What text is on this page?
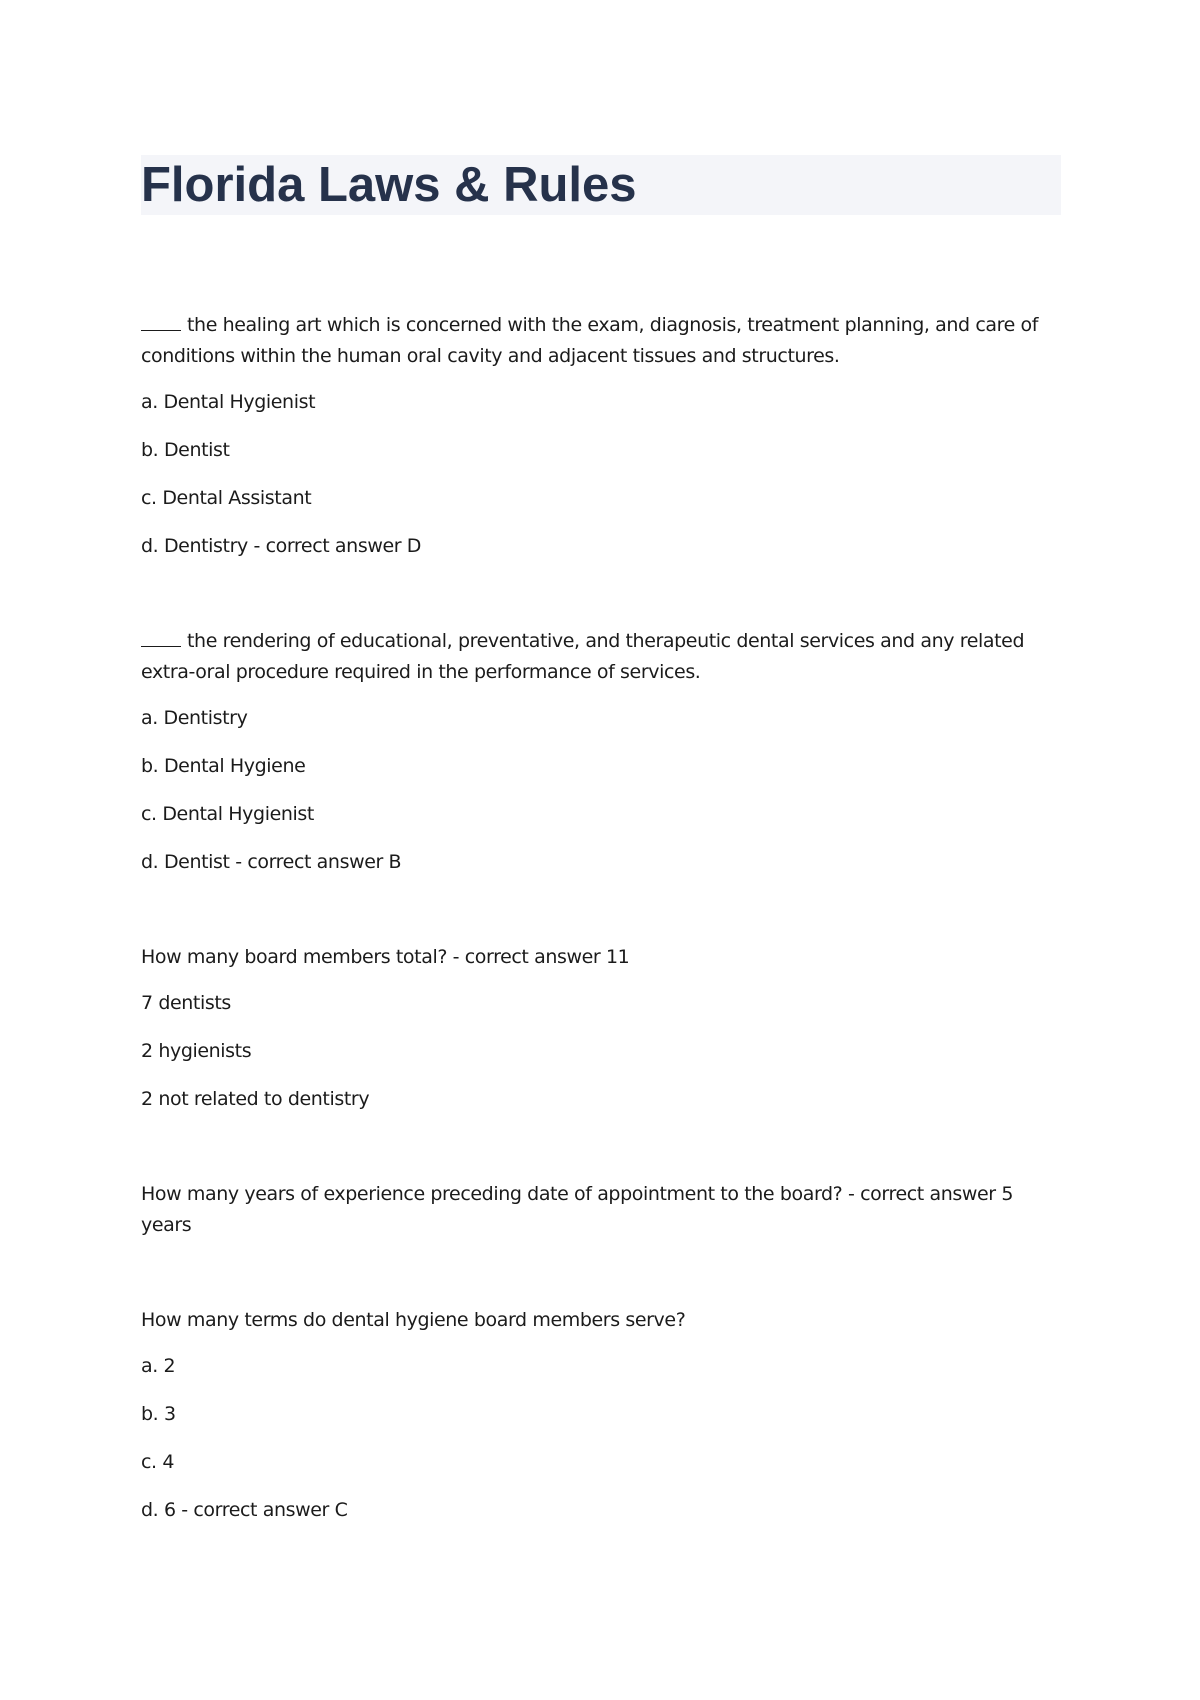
Florida Laws & Rules

the healing art which is concerned with the exam, diagnosis, treatment planning, and care of conditions within the human oral cavity and adjacent tissues and structures.

a. Dental Hygienist

b. Dentist

c. Dental Assistant

d. Dentistry - correct answer D

the rendering of educational, preventative, and therapeutic dental services and any related extra-oral procedure required in the performance of services.

a. Dentistry

b. Dental Hygiene

c. Dental Hygienist

d. Dentist - correct answer B

How many board members total? - correct answer 11

7 dentists

2 hygienists

2 not related to dentistry

How many years of experience preceding date of appointment to the board? - correct answer 5 years

How many terms do dental hygiene board members serve?

a. 2

b. 3

c. 4

d. 6 - correct answer C
